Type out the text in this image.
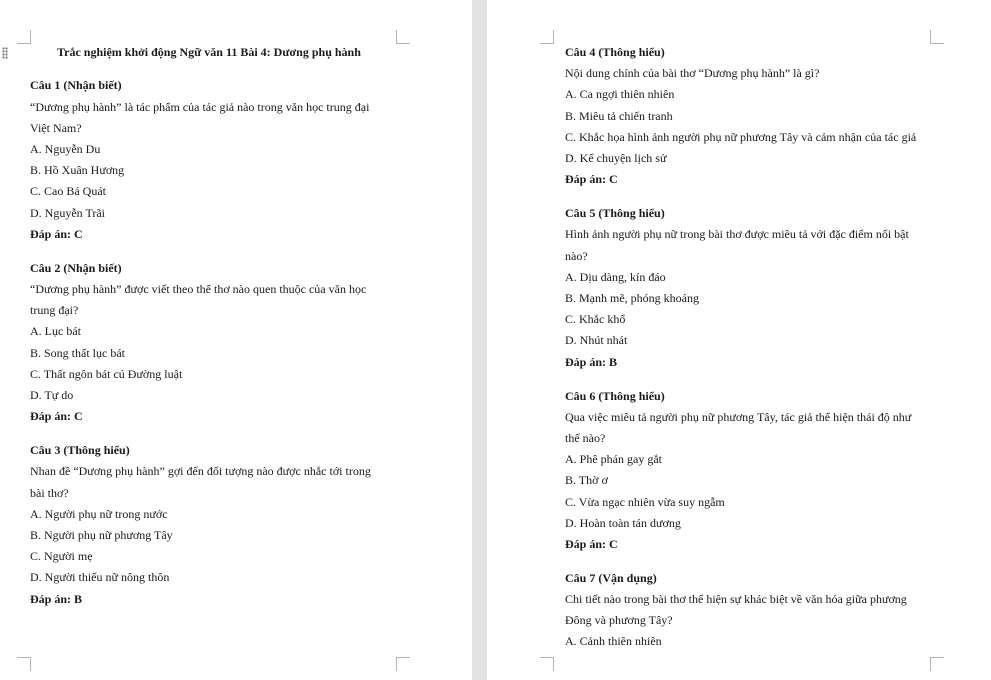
Trắc nghiệm khởi động Ngữ văn 11 Bài 4: Dương phụ hành
Câu 1 (Nhận biết)
“Dương phụ hành” là tác phẩm của tác giả nào trong văn học trung đại
Việt Nam?
A. Nguyễn Du
B. Hồ Xuân Hương
C. Cao Bá Quát
D. Nguyễn Trãi
Đáp án: C
Câu 2 (Nhận biết)
“Dương phụ hành” được viết theo thể thơ nào quen thuộc của văn học
trung đại?
A. Lục bát
B. Song thất lục bát
C. Thất ngôn bát cú Đường luật
D. Tự do
Đáp án: C
Câu 3 (Thông hiểu)
Nhan đề “Dương phụ hành” gợi đến đối tượng nào được nhắc tới trong
bài thơ?
A. Người phụ nữ trong nước
B. Người phụ nữ phương Tây
C. Người mẹ
D. Người thiếu nữ nông thôn
Đáp án: B
Câu 4 (Thông hiểu)
Nội dung chính của bài thơ “Dương phụ hành” là gì?
A. Ca ngợi thiên nhiên
B. Miêu tả chiến tranh
C. Khắc họa hình ảnh người phụ nữ phương Tây và cảm nhận của tác giả
D. Kể chuyện lịch sử
Đáp án: C
Câu 5 (Thông hiểu)
Hình ảnh người phụ nữ trong bài thơ được miêu tả với đặc điểm nổi bật
nào?
A. Dịu dàng, kín đáo
B. Mạnh mẽ, phóng khoáng
C. Khắc khổ
D. Nhút nhát
Đáp án: B
Câu 6 (Thông hiểu)
Qua việc miêu tả người phụ nữ phương Tây, tác giả thể hiện thái độ như
thế nào?
A. Phê phán gay gắt
B. Thờ ơ
C. Vừa ngạc nhiên vừa suy ngẫm
D. Hoàn toàn tán dương
Đáp án: C
Câu 7 (Vận dụng)
Chi tiết nào trong bài thơ thể hiện sự khác biệt về văn hóa giữa phương
Đông và phương Tây?
A. Cảnh thiên nhiên
